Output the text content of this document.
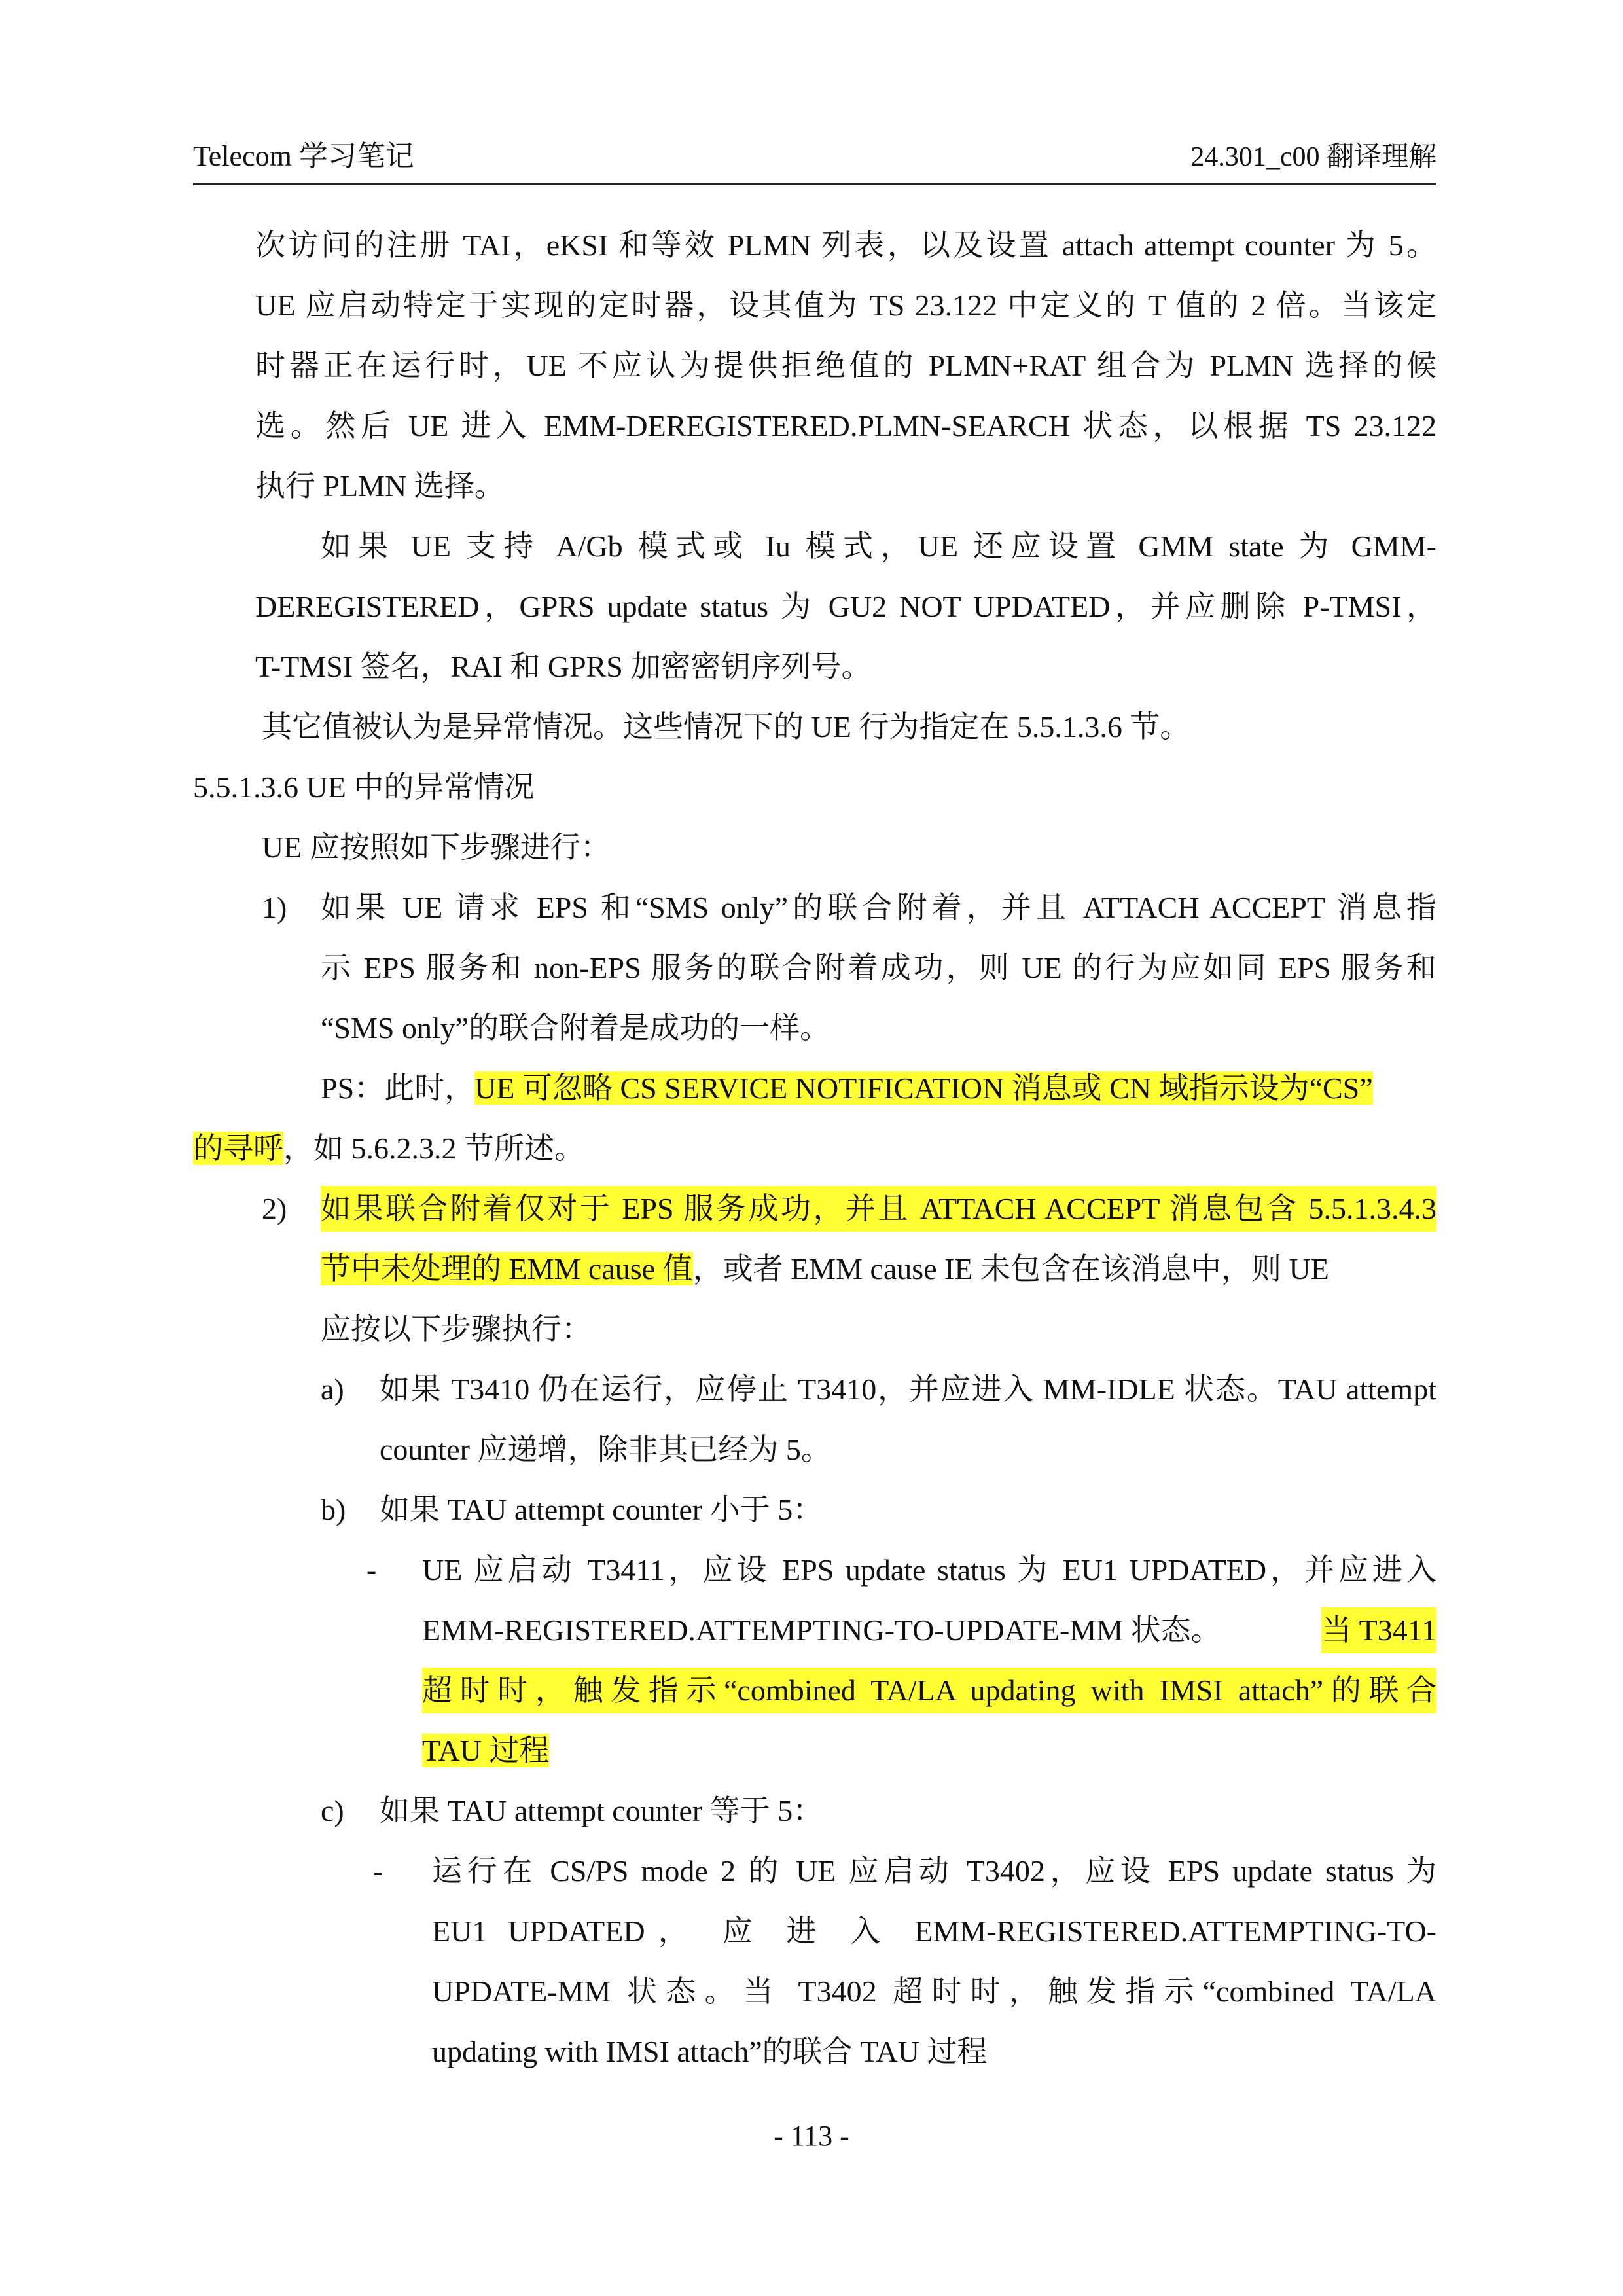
Telecom 学习笔记	24.301_c00 翻译理解
次访问的注册 TAI，eKSI 和等效 PLMN 列表，以及设置 attach attempt counter 为 5。
UE 应启动特定于实现的定时器，设其值为 TS 23.122 中定义的 T 值的 2 倍。当该定
时器正在运行时，UE 不应认为提供拒绝值的 PLMN+RAT 组合为 PLMN 选择的候
选。然后 UE 进入 EMM-DEREGISTERED.PLMN-SEARCH 状态，以根据 TS 23.122
执行 PLMN 选择。
如果 UE 支持 A/Gb 模式或 Iu 模式，UE 还应设置 GMM state 为 GMM-
DEREGISTERED，GPRS update status 为 GU2 NOT UPDATED，并应删除 P-TMSI，
T-TMSI 签名，RAI 和 GPRS 加密密钥序列号。
其它值被认为是异常情况。这些情况下的 UE 行为指定在 5.5.1.3.6 节。
5.5.1.3.6 UE 中的异常情况
UE 应按照如下步骤进行：
1) 如果 UE 请求 EPS 和“SMS only”的联合附着，并且 ATTACH ACCEPT 消息指
示 EPS 服务和 non-EPS 服务的联合附着成功，则 UE 的行为应如同 EPS 服务和
“SMS only”的联合附着是成功的一样。
PS：此时，UE 可忽略 CS SERVICE NOTIFICATION 消息或 CN 域指示设为“CS”
的寻呼，如 5.6.2.3.2 节所述。
2) 如果联合附着仅对于 EPS 服务成功，并且 ATTACH ACCEPT 消息包含 5.5.1.3.4.3
节中未处理的 EMM cause 值，或者 EMM cause IE 未包含在该消息中，则 UE
应按以下步骤执行：
a) 如果 T3410 仍在运行，应停止 T3410，并应进入 MM-IDLE 状态。TAU attempt
counter 应递增，除非其已经为 5。
b) 如果 TAU attempt counter 小于 5：
- UE 应启动 T3411，应设 EPS update status 为 EU1 UPDATED，并应进入
EMM-REGISTERED.ATTEMPTING-TO-UPDATE-MM 状态。	当 T3411
超时时，触发指示“combined TA/LA updating with IMSI attach”的联合
TAU 过程
c) 如果 TAU attempt counter 等于 5：
- 运行在 CS/PS mode 2 的 UE 应启动 T3402，应设 EPS update status 为
EU1 UPDATED， 应 进 入 EMM-REGISTERED.ATTEMPTING-TO-
UPDATE-MM 状态。当 T3402 超时时，触发指示“combined TA/LA
updating with IMSI attach”的联合 TAU 过程
- 113 -
